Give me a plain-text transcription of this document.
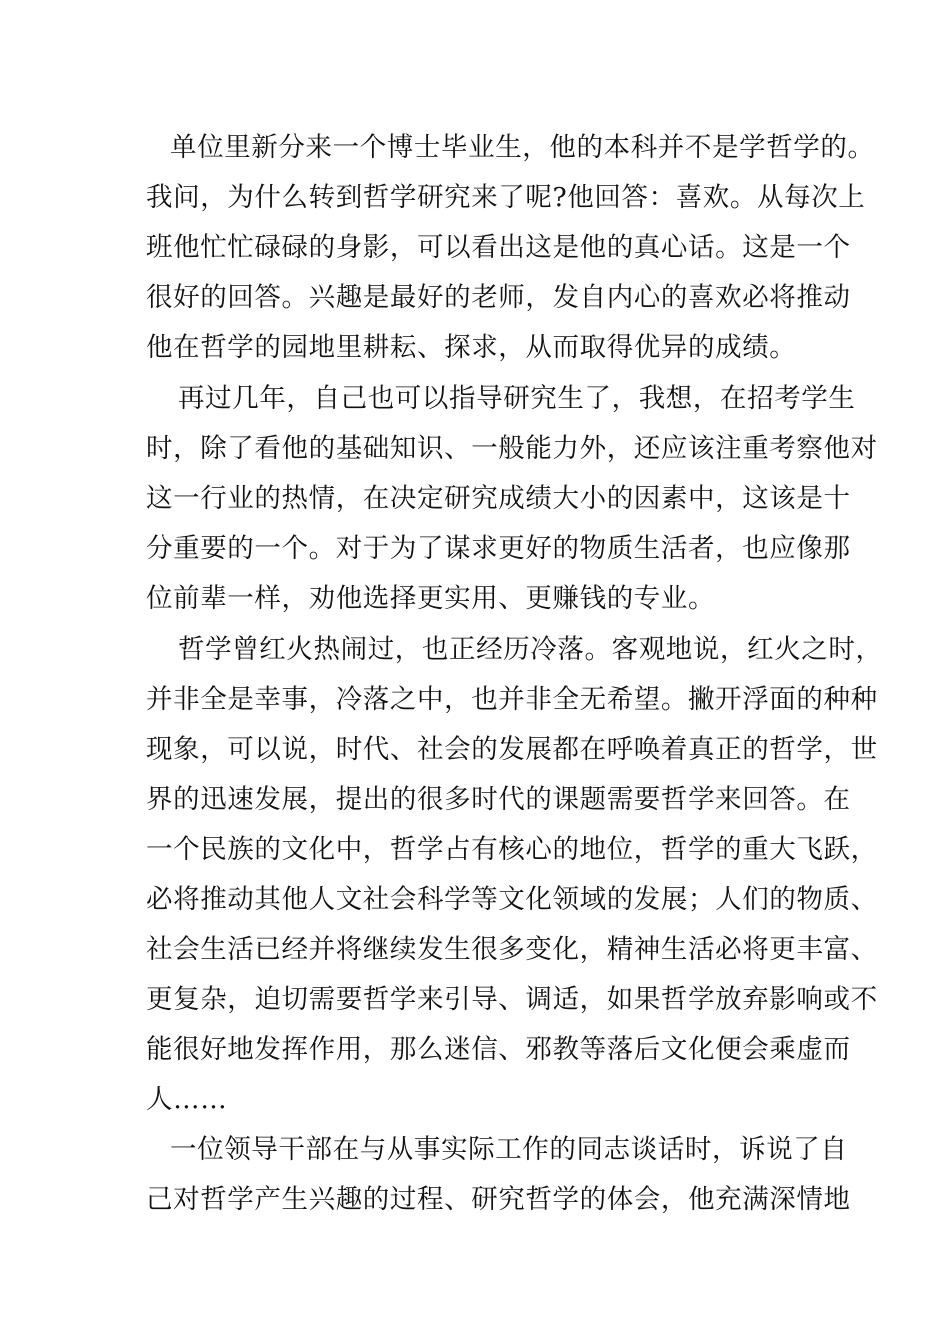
单位里新分来一个博士毕业生，他的本科并不是学哲学的。
我问，为什么转到哲学研究来了呢?他回答：喜欢。从每次上
班他忙忙碌碌的身影，可以看出这是他的真心话。这是一个
很好的回答。兴趣是最好的老师，发自内心的喜欢必将推动
他在哲学的园地里耕耘、探求，从而取得优异的成绩。
再过几年，自己也可以指导研究生了，我想，在招考学生
时，除了看他的基础知识、一般能力外，还应该注重考察他对
这一行业的热情，在决定研究成绩大小的因素中，这该是十
分重要的一个。对于为了谋求更好的物质生活者，也应像那
位前辈一样，劝他选择更实用、更赚钱的专业。
哲学曾红火热闹过，也正经历冷落。客观地说，红火之时，
并非全是幸事，冷落之中，也并非全无希望。撇开浮面的种种
现象，可以说，时代、社会的发展都在呼唤着真正的哲学，世
界的迅速发展，提出的很多时代的课题需要哲学来回答。在
一个民族的文化中，哲学占有核心的地位，哲学的重大飞跃，
必将推动其他人文社会科学等文化领域的发展；人们的物质、
社会生活已经并将继续发生很多变化，精神生活必将更丰富、
更复杂，迫切需要哲学来引导、调适，如果哲学放弃影响或不
能很好地发挥作用，那么迷信、邪教等落后文化便会乘虚而
人……
一位领导干部在与从事实际工作的同志谈话时，诉说了自
己对哲学产生兴趣的过程、研究哲学的体会，他充满深情地
